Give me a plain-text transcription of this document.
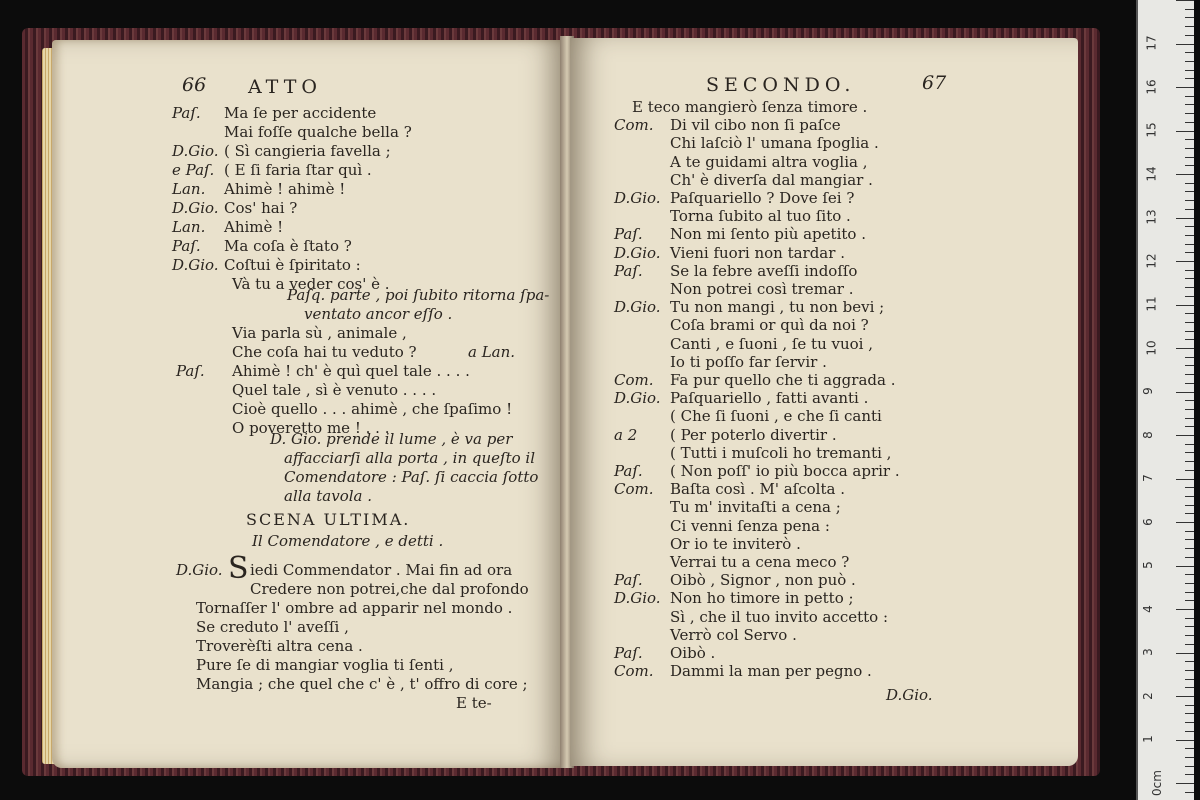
66 ATTO
Paſ. Ma ſe per accidente
Mai foſſe qualche bella ?
D.Gio. ( Sì cangieria favella ;
e Paſ. ( E ſi faria ſtar quì .
Lan. Ahimè ! ahimè !
D.Gio. Cos' hai ?
Lan. Ahimè !
Paſ. Ma coſa è ſtato ?
D.Gio. Coſtui è ſpiritato :
Và tu a veder cos' è .
Paſq. parte , poi ſubito ritorna ſpa-
ventato ancor eſſo .
Via parla sù , animale ,
Che coſa hai tu veduto ?	a Lan.
Paſ. Ahimè ! ch' è quì quel tale . . . .
Quel tale , sì è venuto . . . .
Cioè quello . . . ahimè , che ſpaſimo !
O poveretto me ! . . .
D. Gio. prende il lume , è va per
affacciarſi alla porta , in queſto il
Comendatore : Paſ. ſi caccia ſotto
alla tavola .
SCENA ULTIMA.
Il Comendatore , e detti .
D.Gio. S iedi Commendator . Mai fin ad ora
Credere non potrei,che dal profondo
Tornaſſer l' ombre ad apparir nel mondo .
Se creduto l' aveſſi ,
Troverèſti altra cena .
Pure ſe di mangiar voglia ti ſenti ,
Mangia ; che quel che c' è , t' offro di core ;
E te-
SECONDO.	67
E teco mangierò ſenza timore .
Com. Di vil cibo non ſi paſce
Chi laſciò l' umana ſpoglia .
A te guidami altra voglia ,
Ch' è diverſa dal mangiar .
D.Gio. Paſquariello ? Dove ſei ?
Torna ſubito al tuo ſito .
Paſ. Non mi ſento più apetito .
D.Gio. Vieni fuori non tardar .
Paſ. Se la febre aveſſi indoſſo
Non potrei così tremar .
D.Gio. Tu non mangi , tu non bevi ;
Coſa brami or quì da noi ?
Canti , e ſuoni , ſe tu vuoi ,
Io ti poſſo far ſervir .
Com. Fa pur quello che ti aggrada .
D.Gio. Paſquariello , fatti avanti .
( Che ſi ſuoni , e che ſi canti
a 2 ( Per poterlo divertir .
( Tutti i muſcoli ho tremanti ,
Paſ. ( Non poſſ' io più bocca aprir .
Com. Baſta così . M' aſcolta .
Tu m' invitaſti a cena ;
Ci venni ſenza pena :
Or io te inviterò .
Verrai tu a cena meco ?
Paſ. Oibò , Signor , non può .
D.Gio. Non ho timore in petto ;
Sì , che il tuo invito accetto :
Verrò col Servo .
Paſ. Oibò .
Com. Dammi la man per pegno .
D.Gio.
17
16
15
14
13
12
11
10
9
8
7
6
5
4
3
2
1
0cm
